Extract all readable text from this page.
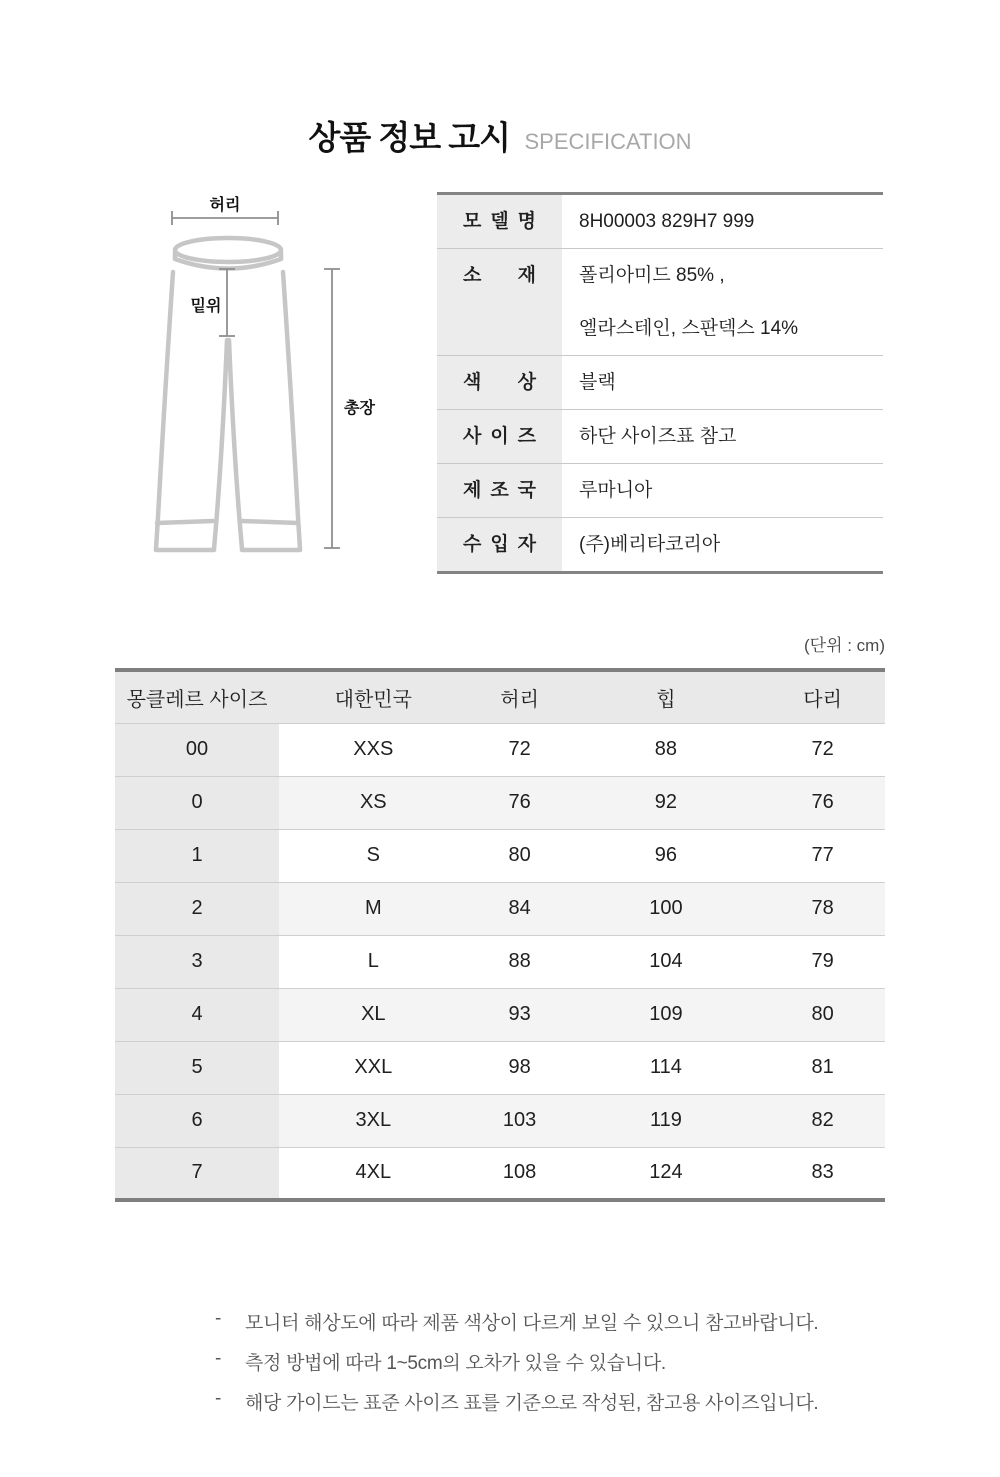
상품 정보 고시 SPECIFICATION
허리
밑위
총장
모 델 명	8H00003 829H7 999
소 재	폴리아미드 85% ,
엘라스테인, 스판덱스 14%
색 상	블랙
사 이 즈	하단 사이즈표 참고
제 조 국	루마니아
수 입 자	(주)베리타코리아
(단위 : cm)
몽클레르 사이즈	대한민국	허리	힙	다리
00	XXS	72	88	72
0	XS	76	92	76
1	S	80	96	77
2	M	84	100	78
3	L	88	104	79
4	XL	93	109	80
5	XXL	98	114	81
6	3XL	103	119	82
7	4XL	108	124	83
-	모니터 해상도에 따라 제품 색상이 다르게 보일 수 있으니 참고바랍니다.
-	측정 방법에 따라 1~5cm의 오차가 있을 수 있습니다.
-	해당 가이드는 표준 사이즈 표를 기준으로 작성된, 참고용 사이즈입니다.
